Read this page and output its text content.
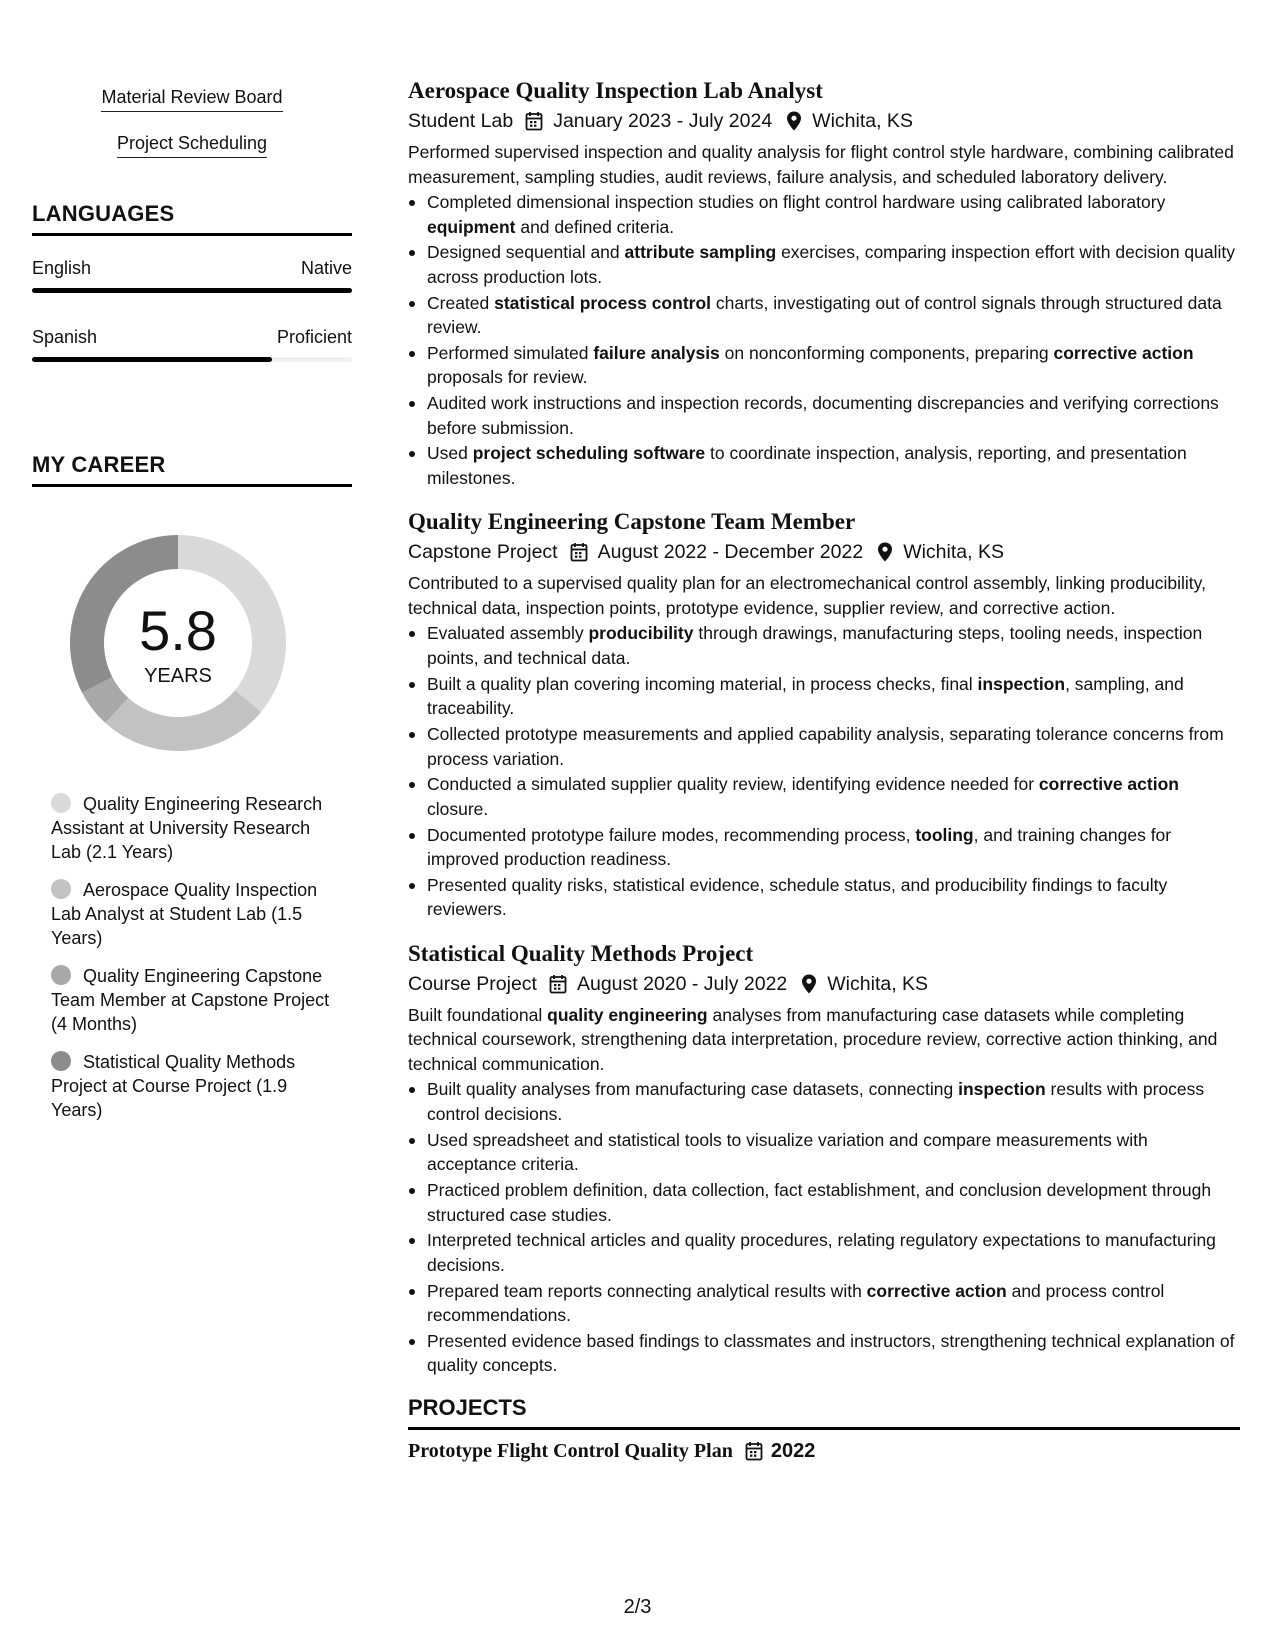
Material Review Board
Project Scheduling
LANGUAGES
English	Native
Spanish	Proficient
MY CAREER
5.8
YEARS
Quality Engineering Research Assistant at University Research Lab (2.1 Years)
Aerospace Quality Inspection Lab Analyst at Student Lab (1.5 Years)
Quality Engineering Capstone Team Member at Capstone Project (4 Months)
Statistical Quality Methods Project at Course Project (1.9 Years)
Aerospace Quality Inspection Lab Analyst
Student Lab January 2023 - July 2024 Wichita, KS
Performed supervised inspection and quality analysis for flight control style hardware, combining calibrated measurement, sampling studies, audit reviews, failure analysis, and scheduled laboratory delivery.
Completed dimensional inspection studies on flight control hardware using calibrated laboratory equipment and defined criteria.
Designed sequential and attribute sampling exercises, comparing inspection effort with decision quality across production lots.
Created statistical process control charts, investigating out of control signals through structured data review.
Performed simulated failure analysis on nonconforming components, preparing corrective action proposals for review.
Audited work instructions and inspection records, documenting discrepancies and verifying corrections before submission.
Used project scheduling software to coordinate inspection, analysis, reporting, and presentation milestones.
Quality Engineering Capstone Team Member
Capstone Project August 2022 - December 2022 Wichita, KS
Contributed to a supervised quality plan for an electromechanical control assembly, linking producibility, technical data, inspection points, prototype evidence, supplier review, and corrective action.
Evaluated assembly producibility through drawings, manufacturing steps, tooling needs, inspection points, and technical data.
Built a quality plan covering incoming material, in process checks, final inspection, sampling, and traceability.
Collected prototype measurements and applied capability analysis, separating tolerance concerns from process variation.
Conducted a simulated supplier quality review, identifying evidence needed for corrective action closure.
Documented prototype failure modes, recommending process, tooling, and training changes for improved production readiness.
Presented quality risks, statistical evidence, schedule status, and producibility findings to faculty reviewers.
Statistical Quality Methods Project
Course Project August 2020 - July 2022 Wichita, KS
Built foundational quality engineering analyses from manufacturing case datasets while completing technical coursework, strengthening data interpretation, procedure review, corrective action thinking, and technical communication.
Built quality analyses from manufacturing case datasets, connecting inspection results with process control decisions.
Used spreadsheet and statistical tools to visualize variation and compare measurements with acceptance criteria.
Practiced problem definition, data collection, fact establishment, and conclusion development through structured case studies.
Interpreted technical articles and quality procedures, relating regulatory expectations to manufacturing decisions.
Prepared team reports connecting analytical results with corrective action and process control recommendations.
Presented evidence based findings to classmates and instructors, strengthening technical explanation of quality concepts.
PROJECTS
Prototype Flight Control Quality Plan 2022
2/3
